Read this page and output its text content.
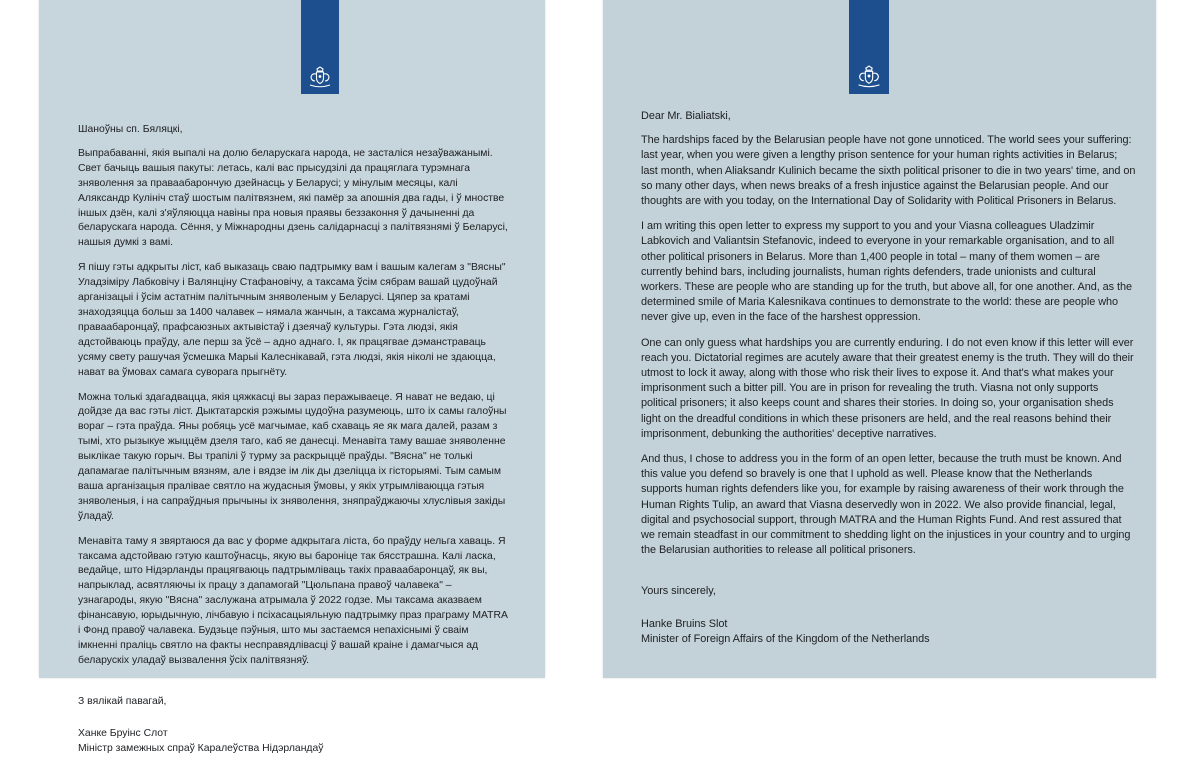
Шаноўны сп. Бяляцкі,

Выпрабаванні, якія выпалі на долю беларускага народа, не засталіся незаўважанымі. Свет бачыць вашыя пакуты: летась, калі вас прысудзілі да працяглага турэмнага зняволення за праваабарончую дзейнасць у Беларусі; у мінулым месяцы, калі Аляксандр Кулініч стаў шостым палітвязнем, які памёр за апошнія два гады, і ў мностве іншых дзён, калі з'яўляюцца навіны пра новыя праявы беззаконня ў дачыненні да беларускага народа. Сёння, у Міжнародны дзень салідарнасці з палітвязнямі ў Беларусі, нашыя думкі з вамі.

Я пішу гэты адкрыты ліст, каб выказаць сваю падтрымку вам і вашым калегам з "Вясны" Уладзіміру Лабковічу і Валянціну Стафановічу, а таксама ўсім сябрам вашай цудоўнай арганізацыі і ўсім астатнім палітычным зняволеным у Беларусі. Цяпер за кратамі знаходзяцца больш за 1400 чалавек – нямала жанчын, а таксама журналістаў, праваабаронцаў, прафсаюзных актывістаў і дзеячаў культуры. Гэта людзі, якія адстойваюць праўду, але перш за ўсё – адно аднаго. І, як працягвае дэманстраваць усяму свету рашучая ўсмешка Марыі Калеснікавай, гэта людзі, якія ніколі не здаюцца, нават ва ўмовах самага суворага прыгнёту.

Можна толькі здагадвацца, якія цяжкасці вы зараз перажываеце. Я нават не ведаю, ці дойдзе да вас гэты ліст. Дыктатарскія рэжымы цудоўна разумеюць, што іх самы галоўны вораг – гэта праўда. Яны робяць усё магчымае, каб схаваць яе як мага далей, разам з тымі, хто рызыкуе жыццём дзеля таго, каб яе данесці. Менавіта таму вашае зняволенне выклікае такую горыч. Вы трапілі ў турму за раскрыццё праўды. "Вясна" не толькі дапамагае палітычным вязням, але і вядзе ім лік ды дзеліцца іх гісторыямі. Тым самым ваша арганізацыя пралівае святло на жудасныя ўмовы, у якіх утрымліваюцца гэтыя зняволеныя, і на сапраўдныя прычыны іх зняволення, зняпраўджаючы хлуслівыя закіды ўладаў.

Менавіта таму я звяртаюся да вас у форме адкрытага ліста, бо праўду нельга хаваць. Я таксама адстойваю гэтую каштоўнасць, якую вы бароніце так бясстрашна. Калі ласка, ведайце, што Нідэрланды працягваюць падтрымліваць такіх праваабаронцаў, як вы, напрыклад, асвятляючы іх працу з дапамогай "Цюльпана правоў чалавека" – узнагароды, якую "Вясна" заслужана атрымала ў 2022 годзе. Мы таксама аказваем фінансавую, юрыдычную, лічбавую і псіхасацыяльную падтрымку праз праграму MATRA і Фонд правоў чалавека. Будзьце пэўныя, што мы застаемся непахіснымі ў сваім імкненні праліць святло на факты несправядлівасці ў вашай краіне і дамагчыся ад беларускіх уладаў вызвалення ўсіх палітвязняў.

З вялікай павагай,

Ханке Бруінс Слот

Міністр замежных спраў Каралеўства Нідэрландаў

Dear Mr. Bialiatski,

The hardships faced by the Belarusian people have not gone unnoticed. The world sees your suffering: last year, when you were given a lengthy prison sentence for your human rights activities in Belarus; last month, when Aliaksandr Kulinich became the sixth political prisoner to die in two years' time, and on so many other days, when news breaks of a fresh injustice against the Belarusian people. And our thoughts are with you today, on the International Day of Solidarity with Political Prisoners in Belarus.

I am writing this open letter to express my support to you and your Viasna colleagues Uladzimir Labkovich and Valiantsin Stefanovic, indeed to everyone in your remarkable organisation, and to all other political prisoners in Belarus. More than 1,400 people in total – many of them women – are currently behind bars, including journalists, human rights defenders, trade unionists and cultural workers. These are people who are standing up for the truth, but above all, for one another. And, as the determined smile of Maria Kalesnikava continues to demonstrate to the world: these are people who never give up, even in the face of the harshest oppression.

One can only guess what hardships you are currently enduring. I do not even know if this letter will ever reach you. Dictatorial regimes are acutely aware that their greatest enemy is the truth. They will do their utmost to lock it away, along with those who risk their lives to expose it. And that's what makes your imprisonment such a bitter pill. You are in prison for revealing the truth. Viasna not only supports political prisoners; it also keeps count and shares their stories. In doing so, your organisation sheds light on the dreadful conditions in which these prisoners are held, and the real reasons behind their imprisonment, debunking the authorities' deceptive narratives.

And thus, I chose to address you in the form of an open letter, because the truth must be known. And this value you defend so bravely is one that I uphold as well. Please know that the Netherlands supports human rights defenders like you, for example by raising awareness of their work through the Human Rights Tulip, an award that Viasna deservedly won in 2022. We also provide financial, legal, digital and psychosocial support, through MATRA and the Human Rights Fund. And rest assured that we remain steadfast in our commitment to shedding light on the injustices in your country and to urging the Belarusian authorities to release all political prisoners.

Yours sincerely,

Hanke Bruins Slot

Minister of Foreign Affairs of the Kingdom of the Netherlands
